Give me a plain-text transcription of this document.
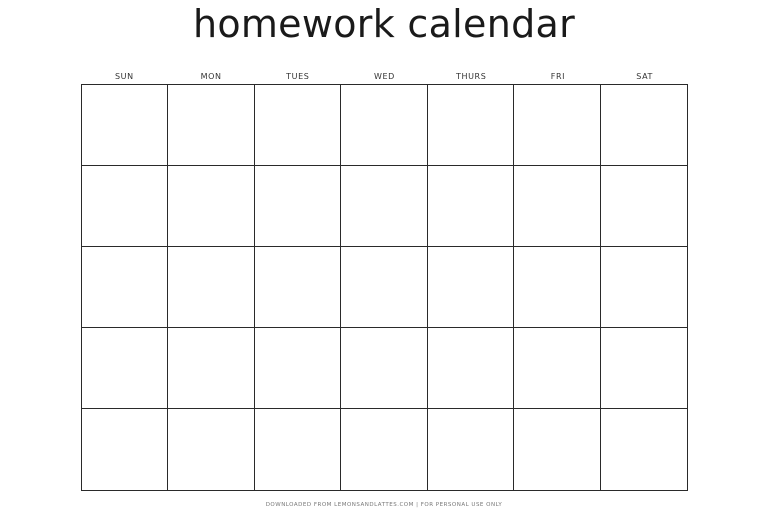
homework calendar
SUN	MON	TUES	WED	THURS	FRI	SAT
DOWNLOADED FROM LEMONSANDLATTES.COM | FOR PERSONAL USE ONLY
